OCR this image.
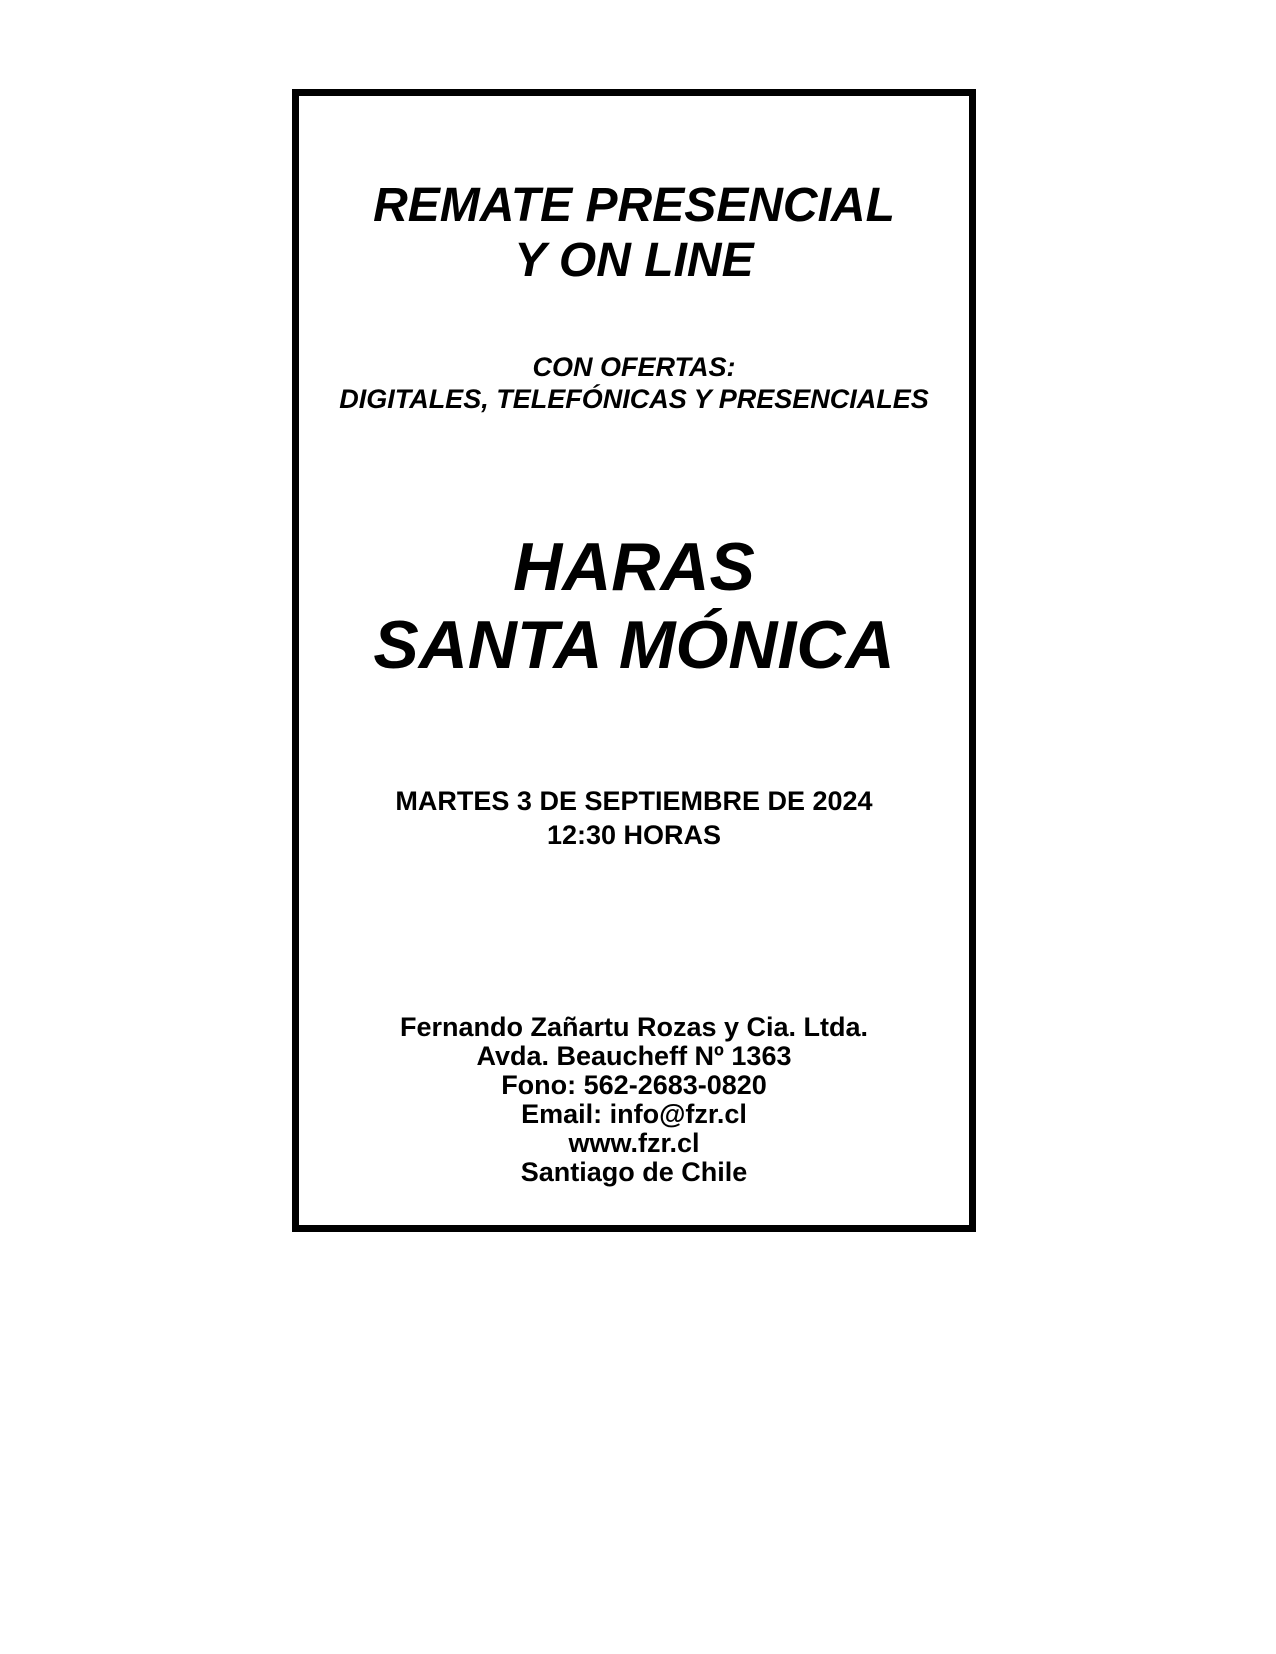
REMATE PRESENCIAL
Y ON LINE
CON OFERTAS:
DIGITALES, TELEFÓNICAS Y PRESENCIALES
HARAS
SANTA MÓNICA
MARTES 3 DE SEPTIEMBRE DE 2024
12:30 HORAS
Fernando Zañartu Rozas y Cia. Ltda.
Avda. Beaucheff Nº 1363
Fono: 562-2683-0820
Email: info@fzr.cl
www.fzr.cl
Santiago de Chile
